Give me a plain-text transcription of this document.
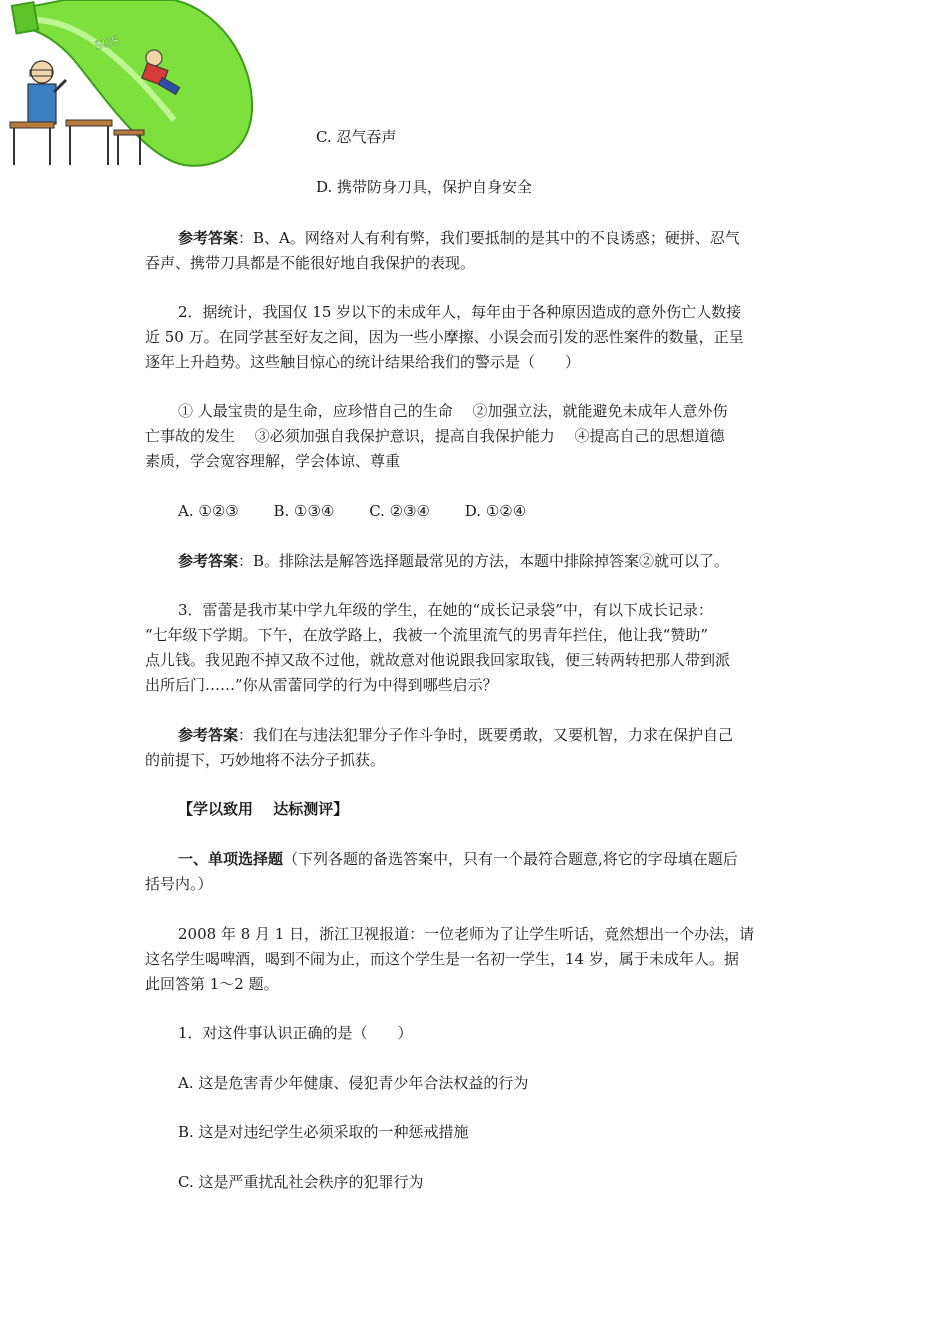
SOS
C. 忍气吞声
D. 携带防身刀具，保护自身安全
参考答案：B、A。网络对人有利有弊，我们要抵制的是其中的不良诱惑；硬拼、忍气
吞声、携带刀具都是不能很好地自我保护的表现。
2．据统计，我国仅 15 岁以下的未成年人，每年由于各种原因造成的意外伤亡人数接
近 50 万。在同学甚至好友之间，因为一些小摩擦、小误会而引发的恶性案件的数量，正呈
逐年上升趋势。这些触目惊心的统计结果给我们的警示是（　　）
① 人最宝贵的是生命，应珍惜自己的生命　 ②加强立法，就能避免未成年人意外伤
亡事故的发生　 ③必须加强自我保护意识，提高自我保护能力　 ④提高自己的思想道德
素质，学会宽容理解，学会体谅、尊重
A. ①②③ B. ①③④ C. ②③④ D. ①②④
参考答案：B。排除法是解答选择题最常见的方法，本题中排除掉答案②就可以了。
3．雷蕾是我市某中学九年级的学生，在她的“成长记录袋”中，有以下成长记录：
“七年级下学期。下午，在放学路上，我被一个流里流气的男青年拦住，他让我“赞助”
点儿钱。我见跑不掉又敌不过他，就故意对他说跟我回家取钱，便三转两转把那人带到派
出所后门……”你从雷蕾同学的行为中得到哪些启示？
参考答案：我们在与违法犯罪分子作斗争时，既要勇敢，又要机智，力求在保护自己
的前提下，巧妙地将不法分子抓获。
【学以致用　 达标测评】
一、单项选择题（下列各题的备选答案中，只有一个最符合题意,将它的字母填在题后
括号内。）
2008 年 8 月 1 日，浙江卫视报道：一位老师为了让学生听话，竟然想出一个办法，请
这名学生喝啤酒，喝到不闹为止，而这个学生是一名初一学生，14 岁，属于未成年人。据
此回答第 1～2 题。
1．对这件事认识正确的是（　　）
A. 这是危害青少年健康、侵犯青少年合法权益的行为
B. 这是对违纪学生必须采取的一种惩戒措施
C. 这是严重扰乱社会秩序的犯罪行为
